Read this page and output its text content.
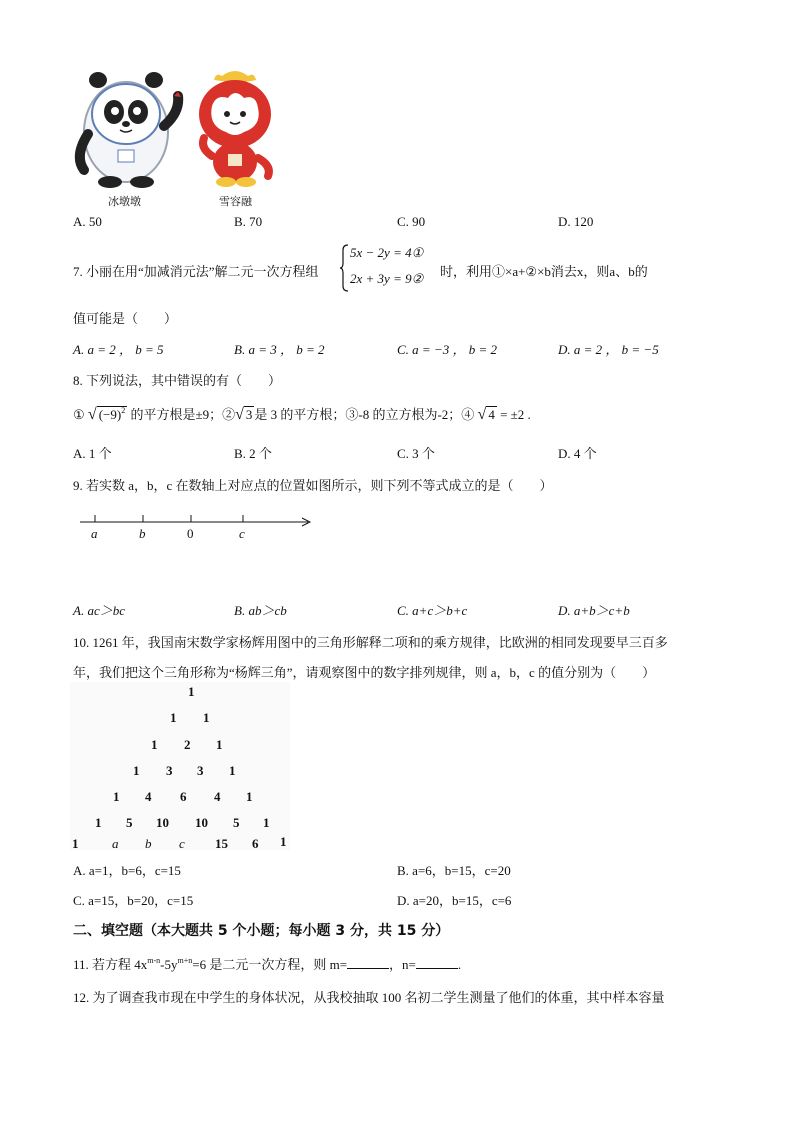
冰墩墩	雪容融
A. 50	B. 70	C. 90	D. 120
7. 小丽在用“加减消元法”解二元一次方程组
5x − 2y = 4①
2x + 3y = 9② 时，利用①×a+②×b消去x，则a、b的
值可能是（　　）
A. a = 2 ， b = 5	B. a = 3 ， b = 2	C. a = −3 ， b = 2	D. a = 2 ， b = −5
8. 下列说法，其中错误的有（　　）
① √ $(-9)^2$ 的平方根是±9；②√ 3 是 3 的平方根；③-8 的立方根为-2；④ √ 4 = ±2 .
A. 1 个	B. 2 个	C. 3 个	D. 4 个
9. 若实数 a，b，c 在数轴上对应点的位置如图所示，则下列不等式成立的是（　　）
a	b	0	c
A. ac＞bc	B. ab＞cb	C. a+c＞b+c	D. a+b＞c+b
10. 1261 年，我国南宋数学家杨辉用图中的三角形解释二项和的乘方规律，比欧洲的相同发现要早三百多
年，我们把这个三角形称为“杨辉三角”，请观察图中的数字排列规律，则 a，b，c 的值分别为（　　）
1
1 1
1 2 1
1 3 3 1
1 4 6 4 1
1 5 10 10 5 1
1	a b c 15 6 1
A. a=1，b=6，c=15	B. a=6，b=15，c=20
C. a=15，b=20，c=15	D. a=20，b=15，c=6
二、填空题（本大题共 5 个小题；每小题 3 分，共 15 分）
11. 若方程 $4x^{m-n}-5y^{m+n}=6$ 是二元一次方程，则 m=	，n=	.
12. 为了调查我市现在中学生的身体状况，从我校抽取 100 名初二学生测量了他们的体重，其中样本容量
